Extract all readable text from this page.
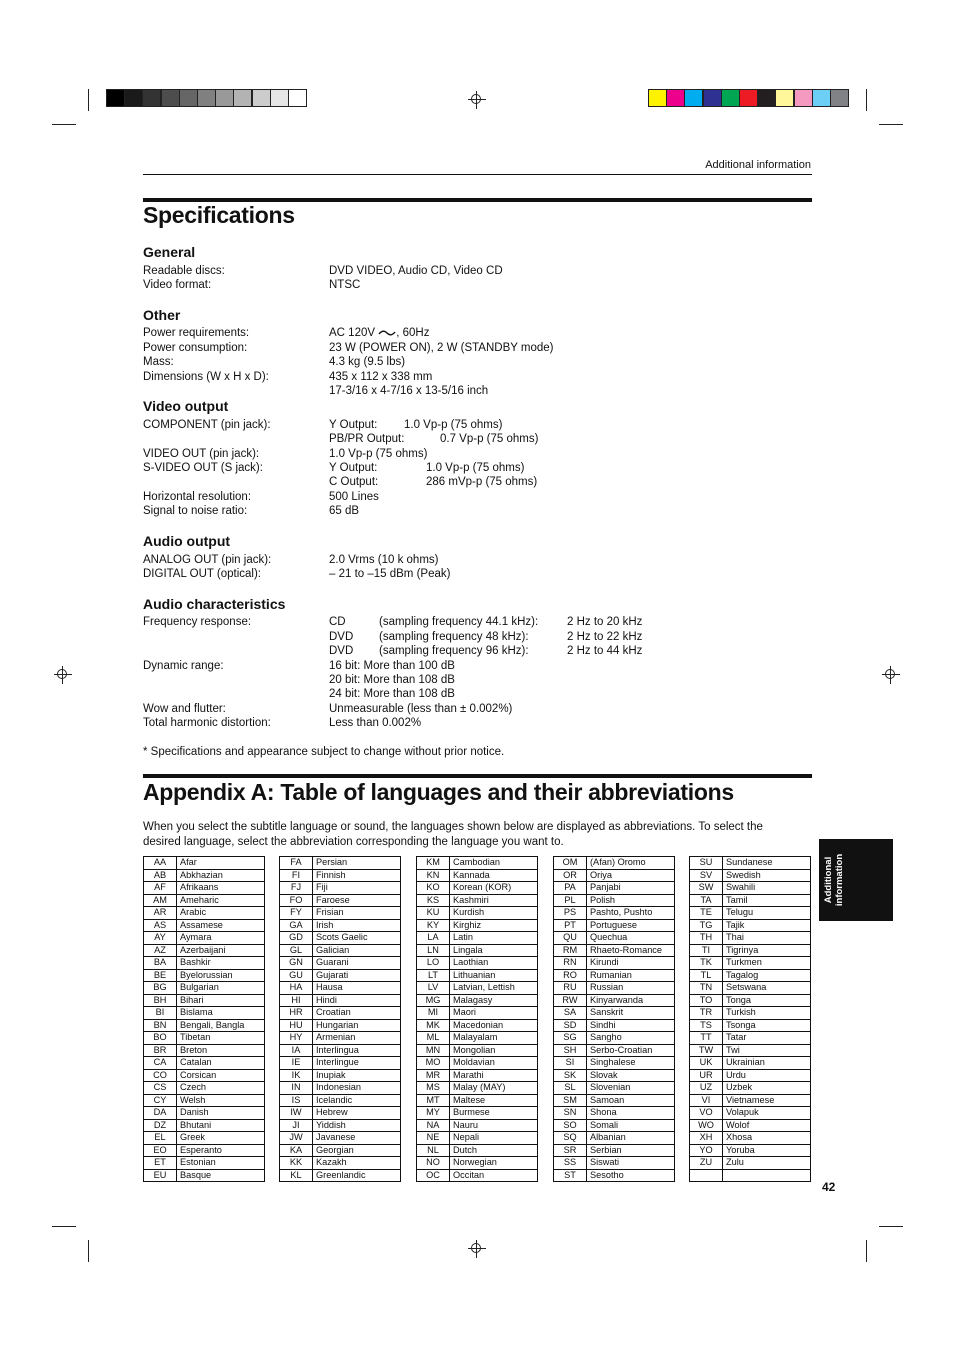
Additional information
Specifications
General
Readable discs:	DVD VIDEO, Audio CD, Video CD
Video format:	NTSC
Other
Power requirements:	AC 120V , 60Hz
Power consumption:	23 W (POWER ON), 2 W (STANDBY mode)
Mass:	4.3 kg (9.5 lbs)
Dimensions (W x H x D):	435 x 112 x 338 mm
17-3/16 x 4-7/16 x 13-5/16 inch
Video output
COMPONENT (pin jack):	Y Output: 1.0 Vp-p (75 ohms)
PB/PR Output:	0.7 Vp-p (75 ohms)
VIDEO OUT (pin jack):	1.0 Vp-p (75 ohms)
S-VIDEO OUT (S jack):	Y Output:	1.0 Vp-p (75 ohms)
C Output:	286 mVp-p (75 ohms)
Horizontal resolution:	500 Lines
Signal to noise ratio:	65 dB
Audio output
ANALOG OUT (pin jack):	2.0 Vrms (10 k ohms)
DIGITAL OUT (optical):	– 21 to –15 dBm (Peak)
Audio characteristics
Frequency response:	CD	(sampling frequency 44.1 kHz):	2 Hz to 20 kHz
DVD (sampling frequency 48 kHz):	2 Hz to 22 kHz
DVD (sampling frequency 96 kHz):	2 Hz to 44 kHz
Dynamic range:	16 bit: More than 100 dB
20 bit: More than 108 dB
24 bit: More than 108 dB
Wow and flutter:	Unmeasurable (less than ± 0.002%)
Total harmonic distortion:	Less than 0.002%
* Specifications and appearance subject to change without prior notice.
Appendix A: Table of languages and their abbreviations
When you select the subtitle language or sound, the languages shown below are displayed as abbreviations. To select the desired language, select the abbreviation corresponding the language you want to.
AA	Afar
AB	Abkhazian
AF	Afrikaans
AM	Ameharic
AR	Arabic
AS	Assamese
AY	Aymara
AZ	Azerbaijani
BA	Bashkir
BE	Byelorussian
BG	Bulgarian
BH	Bihari
BI	Bislama
BN	Bengali, Bangla
BO	Tibetan
BR	Breton
CA	Catalan
CO	Corsican
CS	Czech
CY	Welsh
DA	Danish
DZ	Bhutani
EL	Greek
EO	Esperanto
ET	Estonian
EU	Basque
FA	Persian
FI	Finnish
FJ	Fiji
FO	Faroese
FY	Frisian
GA	Irish
GD	Scots Gaelic
GL	Galician
GN	Guarani
GU	Gujarati
HA	Hausa
HI	Hindi
HR	Croatian
HU	Hungarian
HY	Armenian
IA	Interlingua
IE	Interlingue
IK	Inupiak
IN	Indonesian
IS	Icelandic
IW	Hebrew
JI	Yiddish
JW	Javanese
KA	Georgian
KK	Kazakh
KL	Greenlandic
KM	Cambodian
KN	Kannada
KO	Korean (KOR)
KS	Kashmiri
KU	Kurdish
KY	Kirghiz
LA	Latin
LN	Lingala
LO	Laothian
LT	Lithuanian
LV	Latvian, Lettish
MG	Malagasy
MI	Maori
MK	Macedonian
ML	Malayalam
MN	Mongolian
MO	Moldavian
MR	Marathi
MS	Malay (MAY)
MT	Maltese
MY	Burmese
NA	Nauru
NE	Nepali
NL	Dutch
NO	Norwegian
OC	Occitan
OM	(Afan) Oromo
OR	Oriya
PA	Panjabi
PL	Polish
PS	Pashto, Pushto
PT	Portuguese
QU	Quechua
RM	Rhaeto-Romance
RN	Kirundi
RO	Rumanian
RU	Russian
RW	Kinyarwanda
SA	Sanskrit
SD	Sindhi
SG	Sangho
SH	Serbo-Croatian
SI	Singhalese
SK	Slovak
SL	Slovenian
SM	Samoan
SN	Shona
SO	Somali
SQ	Albanian
SR	Serbian
SS	Siswati
ST	Sesotho
SU	Sundanese
SV	Swedish
SW	Swahili
TA	Tamil
TE	Telugu
TG	Tajik
TH	Thai
TI	Tigrinya
TK	Turkmen
TL	Tagalog
TN	Setswana
TO	Tonga
TR	Turkish
TS	Tsonga
TT	Tatar
TW	Twi
UK	Ukrainian
UR	Urdu
UZ	Uzbek
VI	Vietnamese
VO	Volapuk
WO	Wolof
XH	Xhosa
YO	Yoruba
ZU	Zulu

Additional information
42
